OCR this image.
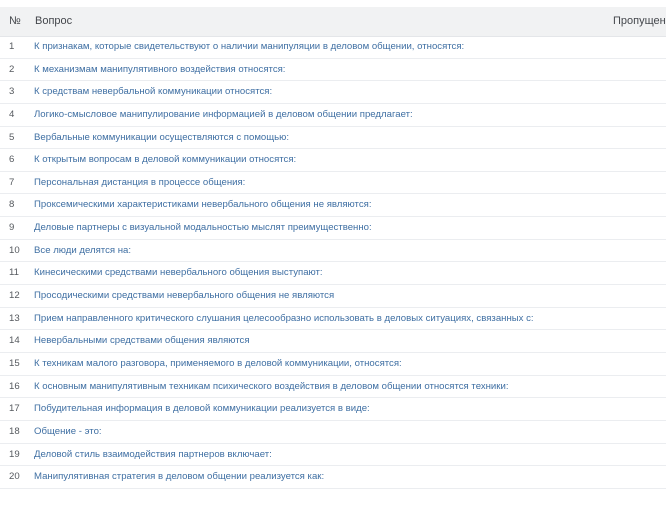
№ Вопрос	Пропущен
1 К признакам, которые свидетельствуют о наличии манипуляции в деловом общении, относятся:
2 К механизмам манипулятивного воздействия относятся:
3 К средствам невербальной коммуникации относятся:
4 Логико-смысловое манипулирование информацией в деловом общении предлагает:
5 Вербальные коммуникации осуществляются с помощью:
6 К открытым вопросам в деловой коммуникации относятся:
7 Персональная дистанция в процессе общения:
8 Проксемическими характеристиками невербального общения не являются:
9 Деловые партнеры с визуальной модальностью мыслят преимущественно:
10 Все люди делятся на:
11 Кинесическими средствами невербального общения выступают:
12 Просодическими средствами невербального общения не являются
13 Прием направленного критического слушания целесообразно использовать в деловых ситуациях, связанных с:
14 Невербальными средствами общения являются
15 К техникам малого разговора, применяемого в деловой коммуникации, относятся:
16 К основным манипулятивным техникам психического воздействия в деловом общении относятся техники:
17 Побудительная информация в деловой коммуникации реализуется в виде:
18 Общение - это:
19 Деловой стиль взаимодействия партнеров включает:
20 Манипулятивная стратегия в деловом общении реализуется как:
